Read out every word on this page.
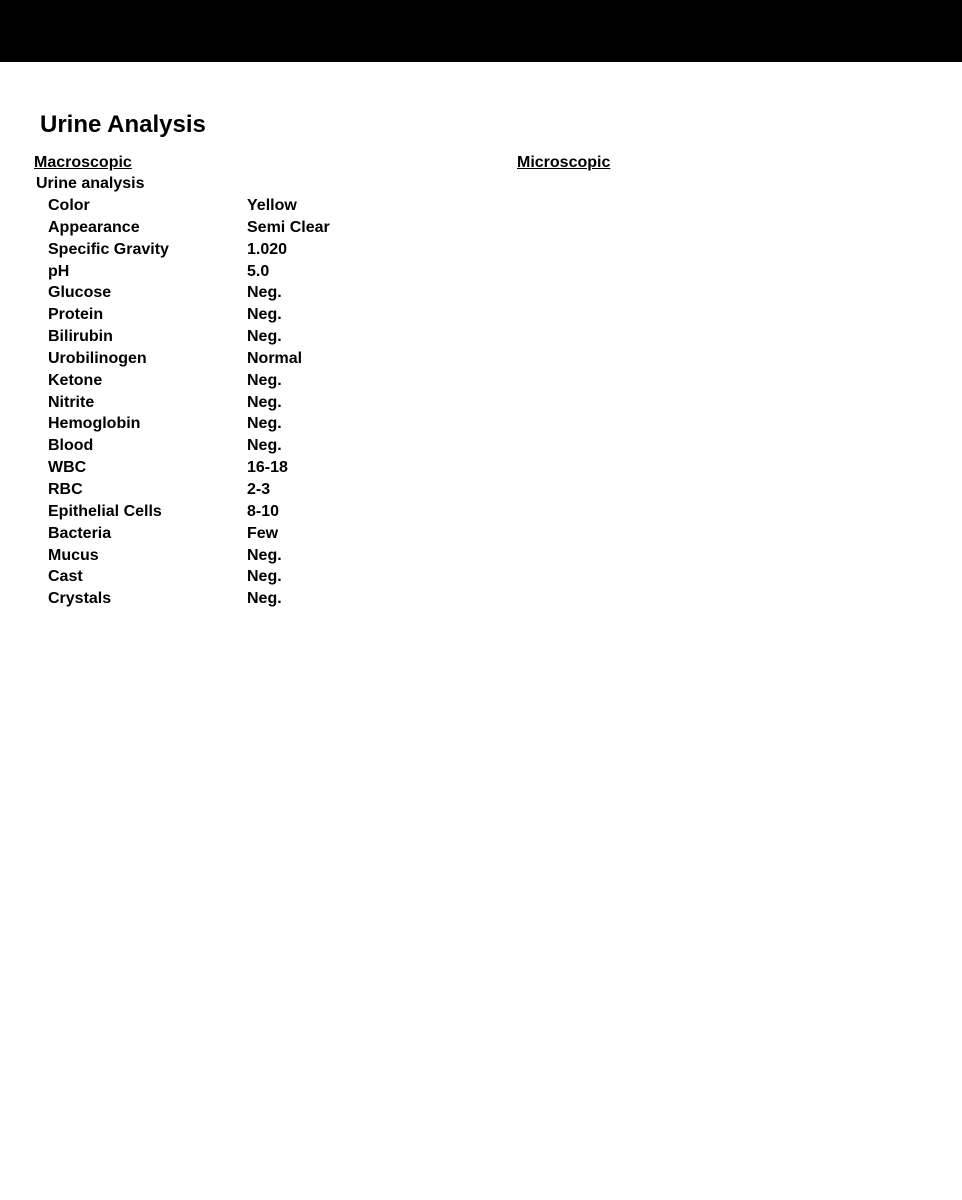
Urine Analysis
Macroscopic	Microscopic
Urine analysis
Color	Yellow
Appearance	Semi Clear
Specific Gravity	1.020
pH	5.0
Glucose	Neg.
Protein	Neg.
Bilirubin	Neg.
Urobilinogen	Normal
Ketone	Neg.
Nitrite	Neg.
Hemoglobin	Neg.
Blood	Neg.
WBC	16-18
RBC	2-3
Epithelial Cells	8-10
Bacteria	Few
Mucus	Neg.
Cast	Neg.
Crystals	Neg.
